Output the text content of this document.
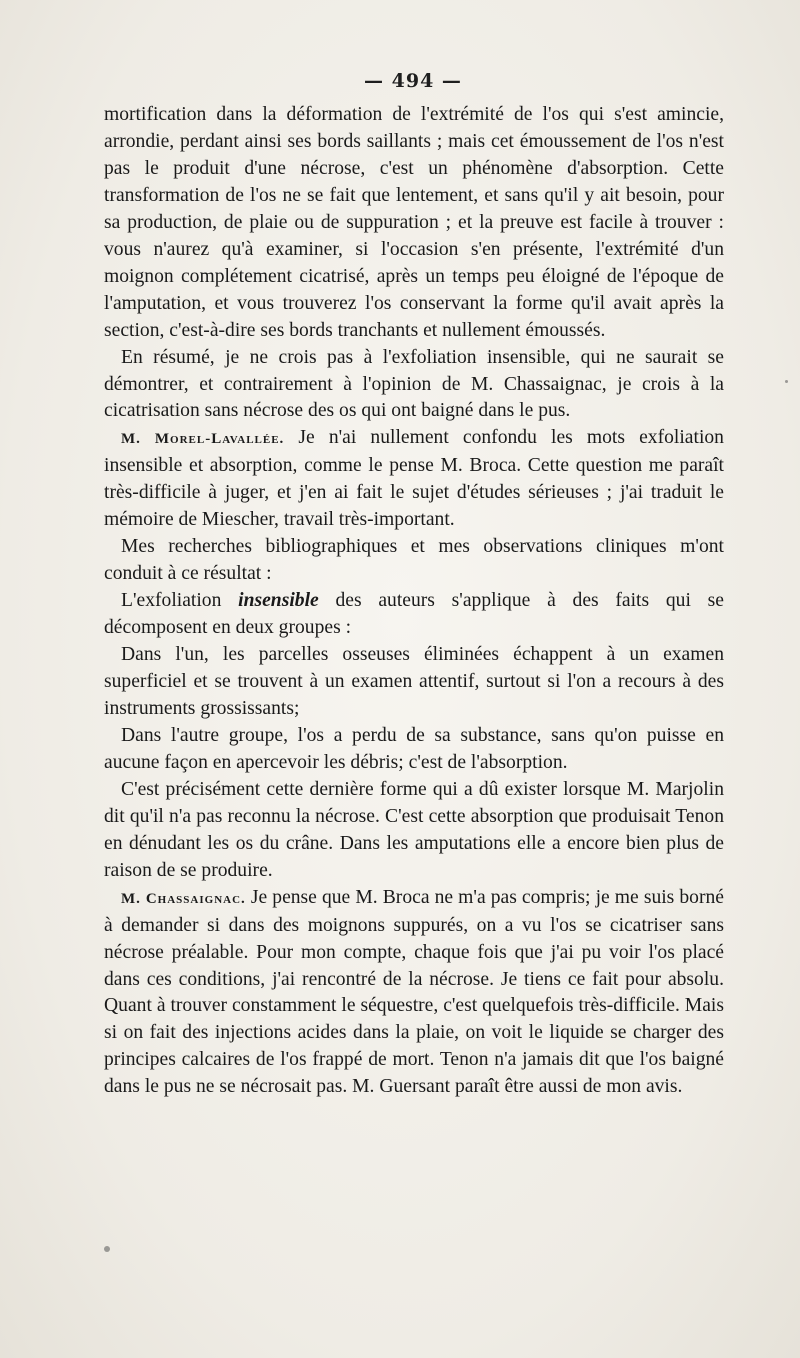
— 494 —

mortification dans la déformation de l'extrémité de l'os qui s'est amincie, arrondie, perdant ainsi ses bords saillants ; mais cet émoussement de l'os n'est pas le produit d'une nécrose, c'est un phénomène d'absorption. Cette transformation de l'os ne se fait que lentement, et sans qu'il y ait besoin, pour sa production, de plaie ou de suppuration ; et la preuve est facile à trouver : vous n'aurez qu'à examiner, si l'occasion s'en présente, l'extrémité d'un moignon complétement cicatrisé, après un temps peu éloigné de l'époque de l'amputation, et vous trouverez l'os conservant la forme qu'il avait après la section, c'est-à-dire ses bords tranchants et nullement émoussés.

En résumé, je ne crois pas à l'exfoliation insensible, qui ne saurait se démontrer, et contrairement à l'opinion de M. Chassaignac, je crois à la cicatrisation sans nécrose des os qui ont baigné dans le pus.

M. Morel-Lavallée. Je n'ai nullement confondu les mots exfoliation insensible et absorption, comme le pense M. Broca. Cette question me paraît très-difficile à juger, et j'en ai fait le sujet d'études sérieuses ; j'ai traduit le mémoire de Miescher, travail très-important.

Mes recherches bibliographiques et mes observations cliniques m'ont conduit à ce résultat :

L'exfoliation insensible des auteurs s'applique à des faits qui se décomposent en deux groupes :

Dans l'un, les parcelles osseuses éliminées échappent à un examen superficiel et se trouvent à un examen attentif, surtout si l'on a recours à des instruments grossissants;

Dans l'autre groupe, l'os a perdu de sa substance, sans qu'on puisse en aucune façon en apercevoir les débris; c'est de l'absorption.

C'est précisément cette dernière forme qui a dû exister lorsque M. Marjolin dit qu'il n'a pas reconnu la nécrose. C'est cette absorption que produisait Tenon en dénudant les os du crâne. Dans les amputations elle a encore bien plus de raison de se produire.

M. Chassaignac. Je pense que M. Broca ne m'a pas compris; je me suis borné à demander si dans des moignons suppurés, on a vu l'os se cicatriser sans nécrose préalable. Pour mon compte, chaque fois que j'ai pu voir l'os placé dans ces conditions, j'ai rencontré de la nécrose. Je tiens ce fait pour absolu. Quant à trouver constamment le séquestre, c'est quelquefois très-difficile. Mais si on fait des injections acides dans la plaie, on voit le liquide se charger des principes calcaires de l'os frappé de mort. Tenon n'a jamais dit que l'os baigné dans le pus ne se nécrosait pas. M. Guersant paraît être aussi de mon avis.
